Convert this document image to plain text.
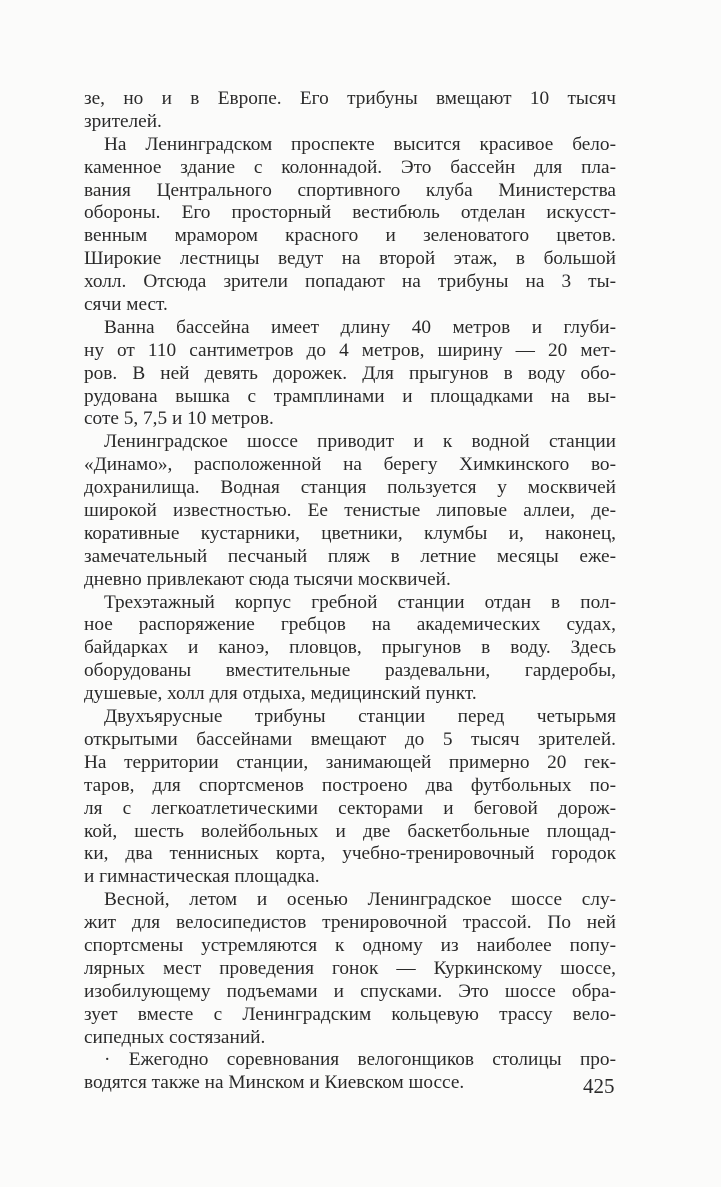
зе, но и в Европе. Его трибуны вмещают 10 тысяч
зрителей.
На Ленинградском проспекте высится красивое бело-
каменное здание с колоннадой. Это бассейн для пла-
вания Центрального спортивного клуба Министерства
обороны. Его просторный вестибюль отделан искусст-
венным мрамором красного и зеленоватого цветов.
Широкие лестницы ведут на второй этаж, в большой
холл. Отсюда зрители попадают на трибуны на 3 ты-
сячи мест.
Ванна бассейна имеет длину 40 метров и глуби-
ну от 110 сантиметров до 4 метров, ширину — 20 мет-
ров. В ней девять дорожек. Для прыгунов в воду обо-
рудована вышка с трамплинами и площадками на вы-
соте 5, 7,5 и 10 метров.
Ленинградское шоссе приводит и к водной станции
«Динамо», расположенной на берегу Химкинского во-
дохранилища. Водная станция пользуется у москвичей
широкой известностью. Ее тенистые липовые аллеи, де-
коративные кустарники, цветники, клумбы и, наконец,
замечательный песчаный пляж в летние месяцы еже-
дневно привлекают сюда тысячи москвичей.
Трехэтажный корпус гребной станции отдан в пол-
ное распоряжение гребцов на академических судах,
байдарках и каноэ, пловцов, прыгунов в воду. Здесь
оборудованы вместительные раздевальни, гардеробы,
душевые, холл для отдыха, медицинский пункт.
Двухъярусные трибуны станции перед четырьмя
открытыми бассейнами вмещают до 5 тысяч зрителей.
На территории станции, занимающей примерно 20 гек-
таров, для спортсменов построено два футбольных по-
ля с легкоатлетическими секторами и беговой дорож-
кой, шесть волейбольных и две баскетбольные площад-
ки, два теннисных корта, учебно-тренировочный городок
и гимнастическая площадка.
Весной, летом и осенью Ленинградское шоссе слу-
жит для велосипедистов тренировочной трассой. По ней
спортсмены устремляются к одному из наиболее попу-
лярных мест проведения гонок — Куркинскому шоссе,
изобилующему подъемами и спусками. Это шоссе обра-
зует вместе с Ленинградским кольцевую трассу вело-
сипедных состязаний.
· Ежегодно соревнования велогонщиков столицы про-
водятся также на Минском и Киевском шоссе.	425
